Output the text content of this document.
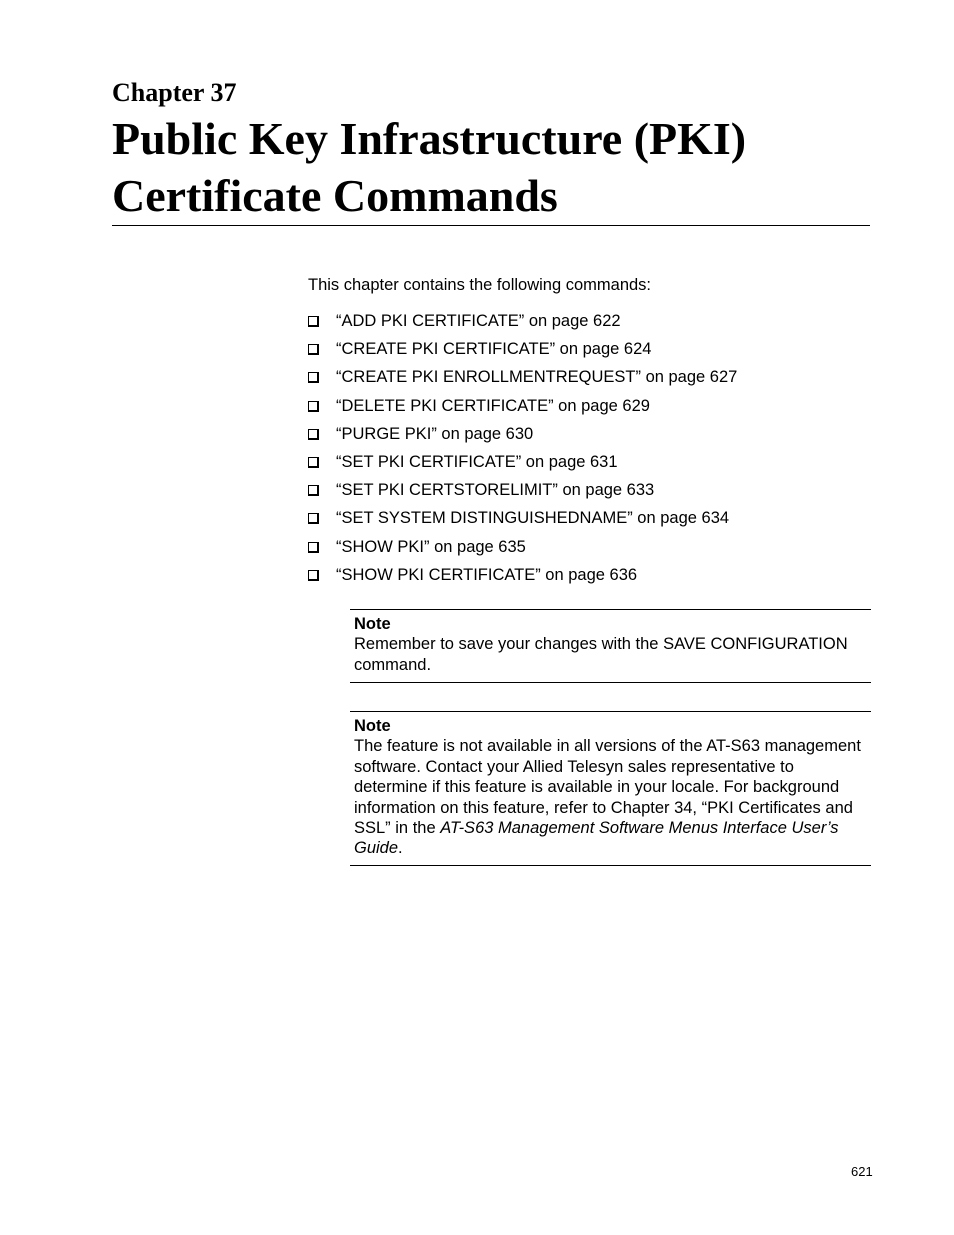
Chapter 37
Public Key Infrastructure (PKI) Certificate Commands
This chapter contains the following commands:
“ADD PKI CERTIFICATE” on page 622
“CREATE PKI CERTIFICATE” on page 624
“CREATE PKI ENROLLMENTREQUEST” on page 627
“DELETE PKI CERTIFICATE” on page 629
“PURGE PKI” on page 630
“SET PKI CERTIFICATE” on page 631
“SET PKI CERTSTORELIMIT” on page 633
“SET SYSTEM DISTINGUISHEDNAME” on page 634
“SHOW PKI” on page 635
“SHOW PKI CERTIFICATE” on page 636
Note
Remember to save your changes with the SAVE CONFIGURATION command.
Note
The feature is not available in all versions of the AT-S63 management software. Contact your Allied Telesyn sales representative to determine if this feature is available in your locale. For background information on this feature, refer to Chapter 34, “PKI Certificates and SSL” in the AT-S63 Management Software Menus Interface User’s Guide.
621
